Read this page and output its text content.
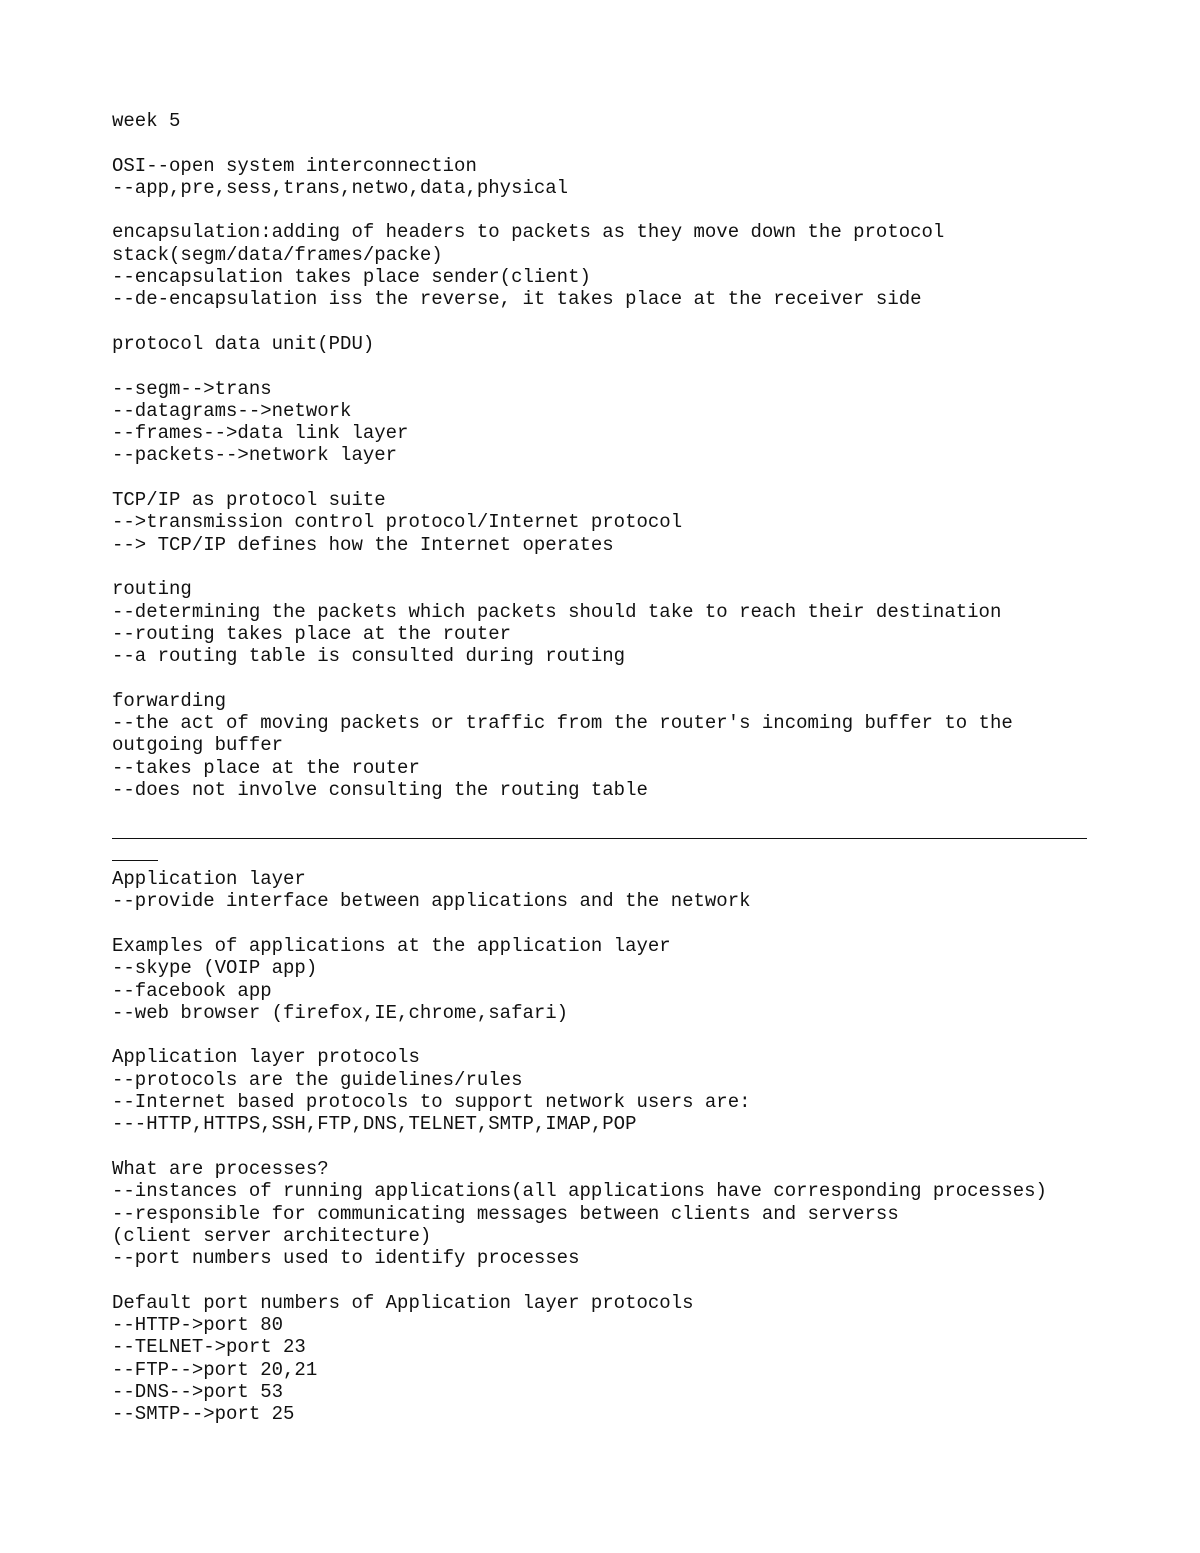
week 5
OSI--open system interconnection
--app,pre,sess,trans,netwo,data,physical
encapsulation:adding of headers to packets as they move down the protocol
stack(segm/data/frames/packe)
--encapsulation takes place sender(client)
--de-encapsulation iss the reverse, it takes place at the receiver side
protocol data unit(PDU)
--segm-->trans
--datagrams-->network
--frames-->data link layer
--packets-->network layer
TCP/IP as protocol suite
-->transmission control protocol/Internet protocol
--> TCP/IP defines how the Internet operates
routing
--determining the packets which packets should take to reach their destination
--routing takes place at the router
--a routing table is consulted during routing
forwarding
--the act of moving packets or traffic from the router's incoming buffer to the
outgoing buffer
--takes place at the router
--does not involve consulting the routing table
Application layer
--provide interface between applications and the network
Examples of applications at the application layer
--skype (VOIP app)
--facebook app
--web browser (firefox,IE,chrome,safari)
Application layer protocols
--protocols are the guidelines/rules
--Internet based protocols to support network users are:
---HTTP,HTTPS,SSH,FTP,DNS,TELNET,SMTP,IMAP,POP
What are processes?
--instances of running applications(all applications have corresponding processes)
--responsible for communicating messages between clients and serverss
(client server architecture)
--port numbers used to identify processes
Default port numbers of Application layer protocols
--HTTP->port 80
--TELNET->port 23
--FTP-->port 20,21
--DNS-->port 53
--SMTP-->port 25
